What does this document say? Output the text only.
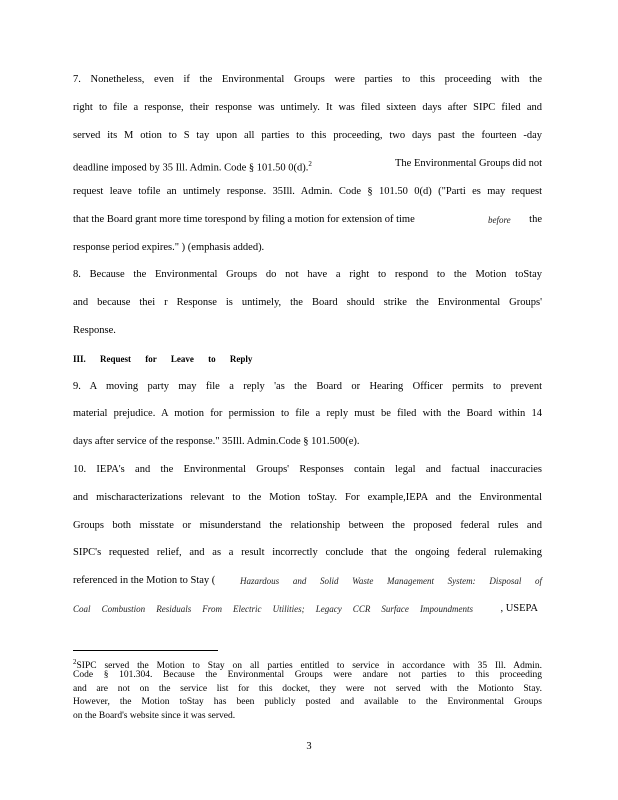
7. Nonetheless, even if the Environmental Groups were parties to this proceeding with the
right to file a response, their response was untimely. It was filed sixteen days after SIPC filed and
served its M otion to S tay upon all parties to this proceeding, two days past the fourteen -day
deadline imposed by 35 Ill. Admin. Code § 101.50 0(d).$^2$	The Environmental Groups did not
request leave tofile an untimely response. 35Ill. Admin. Code § 101.50 0(d) ("Parti es may request
that the Board grant more time torespond by filing a motion for extension of time	before the
response period expires." ) (emphasis added).
8. Because the Environmental Groups do not have a right to respond to the Motion toStay
and because thei r Response is untimely, the Board should strike the Environmental Groups'
Response.
III. Request for Leave to Reply
9. A moving party may file a reply 'as the Board or Hearing Officer permits to prevent
material prejudice. A motion for permission to file a reply must be filed with the Board within 14
days after service of the response." 35Ill. Admin.Code § 101.500(e).
10. IEPA's and the Environmental Groups' Responses contain legal and factual inaccuracies
and mischaracterizations relevant to the Motion toStay. For example,IEPA and the Environmental
Groups both misstate or misunderstand the relationship between the proposed federal rules and
SIPC's requested relief, and as a result incorrectly conclude that the ongoing federal rulemaking
referenced in the Motion to Stay (	Hazardous and Solid Waste Management System: Disposal of
Coal Combustion Residuals From Electric Utilities; Legacy CCR Surface Impoundments	, USEPA
$^2$SIPC served the Motion to Stay on all parties entitled to service in accordance with 35 Ill. Admin.
Code § 101.304. Because the Environmental Groups were andare not parties to this proceeding
and are not on the service list for this docket, they were not served with the Motionto Stay.
However, the Motion toStay has been publicly posted and available to the Environmental Groups
on the Board's website since it was served.
3
